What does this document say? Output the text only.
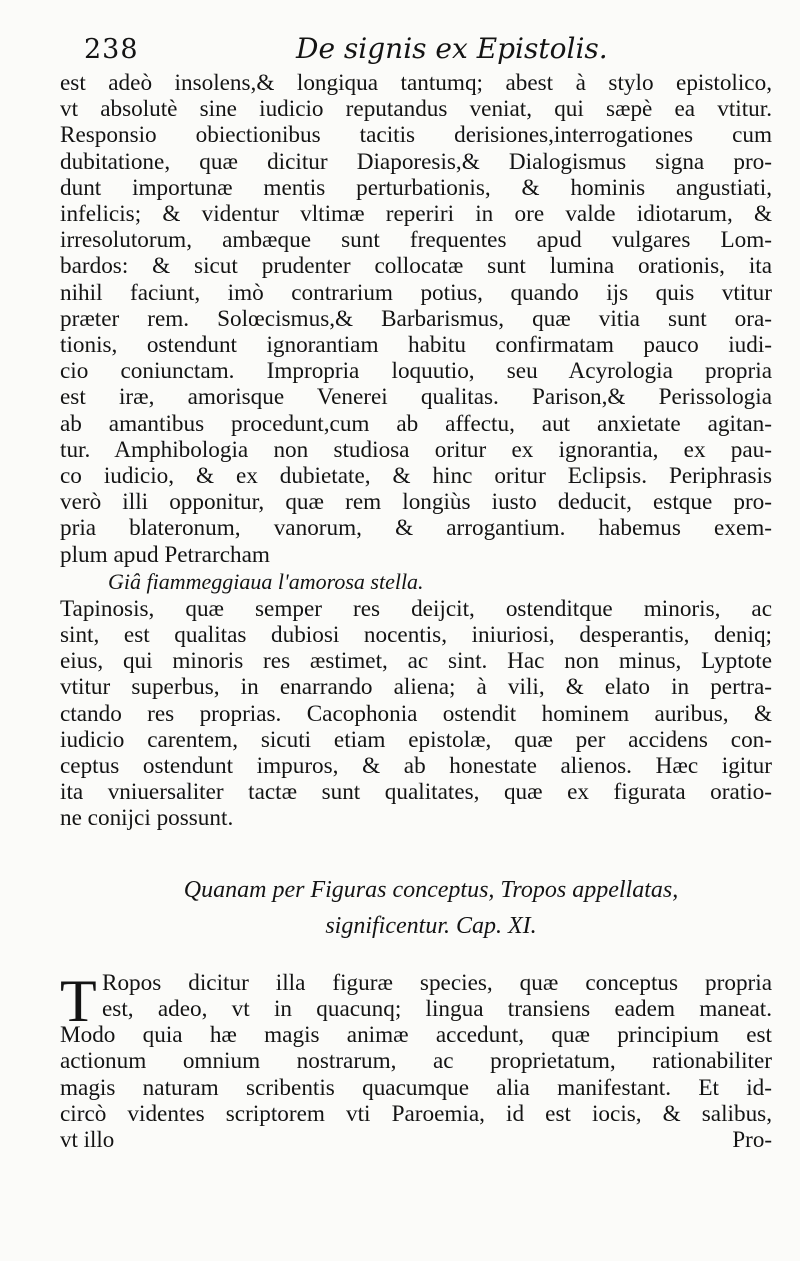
238	De signis ex Epistolis.
est adeò insolens,& longiqua tantumq; abest à stylo epistolico,
vt absolutè sine iudicio reputandus veniat, qui sæpè ea vtitur.
Responsio obiectionibus tacitis derisiones,interrogationes cum
dubitatione, quæ dicitur Diaporesis,& Dialogismus signa pro-
dunt importunæ mentis perturbationis, & hominis angustiati,
infelicis; & videntur vltimæ reperiri in ore valde idiotarum, &
irresolutorum, ambæque sunt frequentes apud vulgares Lom-
bardos: & sicut prudenter collocatæ sunt lumina orationis, ita
nihil faciunt, imò contrarium potius, quando ijs quis vtitur
præter rem. Solœcismus,& Barbarismus, quæ vitia sunt ora-
tionis, ostendunt ignorantiam habitu confirmatam pauco iudi-
cio coniunctam. Impropria loquutio, seu Acyrologia propria
est iræ, amorisque Venerei qualitas. Parison,& Perissologia
ab amantibus procedunt,cum ab affectu, aut anxietate agitan-
tur. Amphibologia non studiosa oritur ex ignorantia, ex pau-
co iudicio, & ex dubietate, & hinc oritur Eclipsis. Periphrasis
verò illi opponitur, quæ rem longiùs iusto deducit, estque pro-
pria blateronum, vanorum, & arrogantium. habemus exem-
plum apud Petrarcham
Giâ fiammeggiaua l'amorosa stella.
Tapinosis, quæ semper res deijcit, ostenditque minoris, ac
sint, est qualitas dubiosi nocentis, iniuriosi, desperantis, deniq;
eius, qui minoris res æstimet, ac sint. Hac non minus, Lyptote
vtitur superbus, in enarrando aliena; à vili, & elato in pertra-
ctando res proprias. Cacophonia ostendit hominem auribus, &
iudicio carentem, sicuti etiam epistolæ, quæ per accidens con-
ceptus ostendunt impuros, & ab honestate alienos. Hæc igitur
ita vniuersaliter tactæ sunt qualitates, quæ ex figurata oratio-
ne conijci possunt.
Quanam per Figuras conceptus, Tropos appellatas,
significentur. Cap. XI.
T Ropos dicitur illa figuræ species, quæ conceptus propria
est, adeo, vt in quacunq; lingua transiens eadem maneat.
Modo quia hæ magis animæ accedunt, quæ principium est
actionum omnium nostrarum, ac proprietatum, rationabiliter
magis naturam scribentis quacumque alia manifestant. Et id-
circò videntes scriptorem vti Paroemia, id est iocis, & salibus,
vt illo	Pro-
